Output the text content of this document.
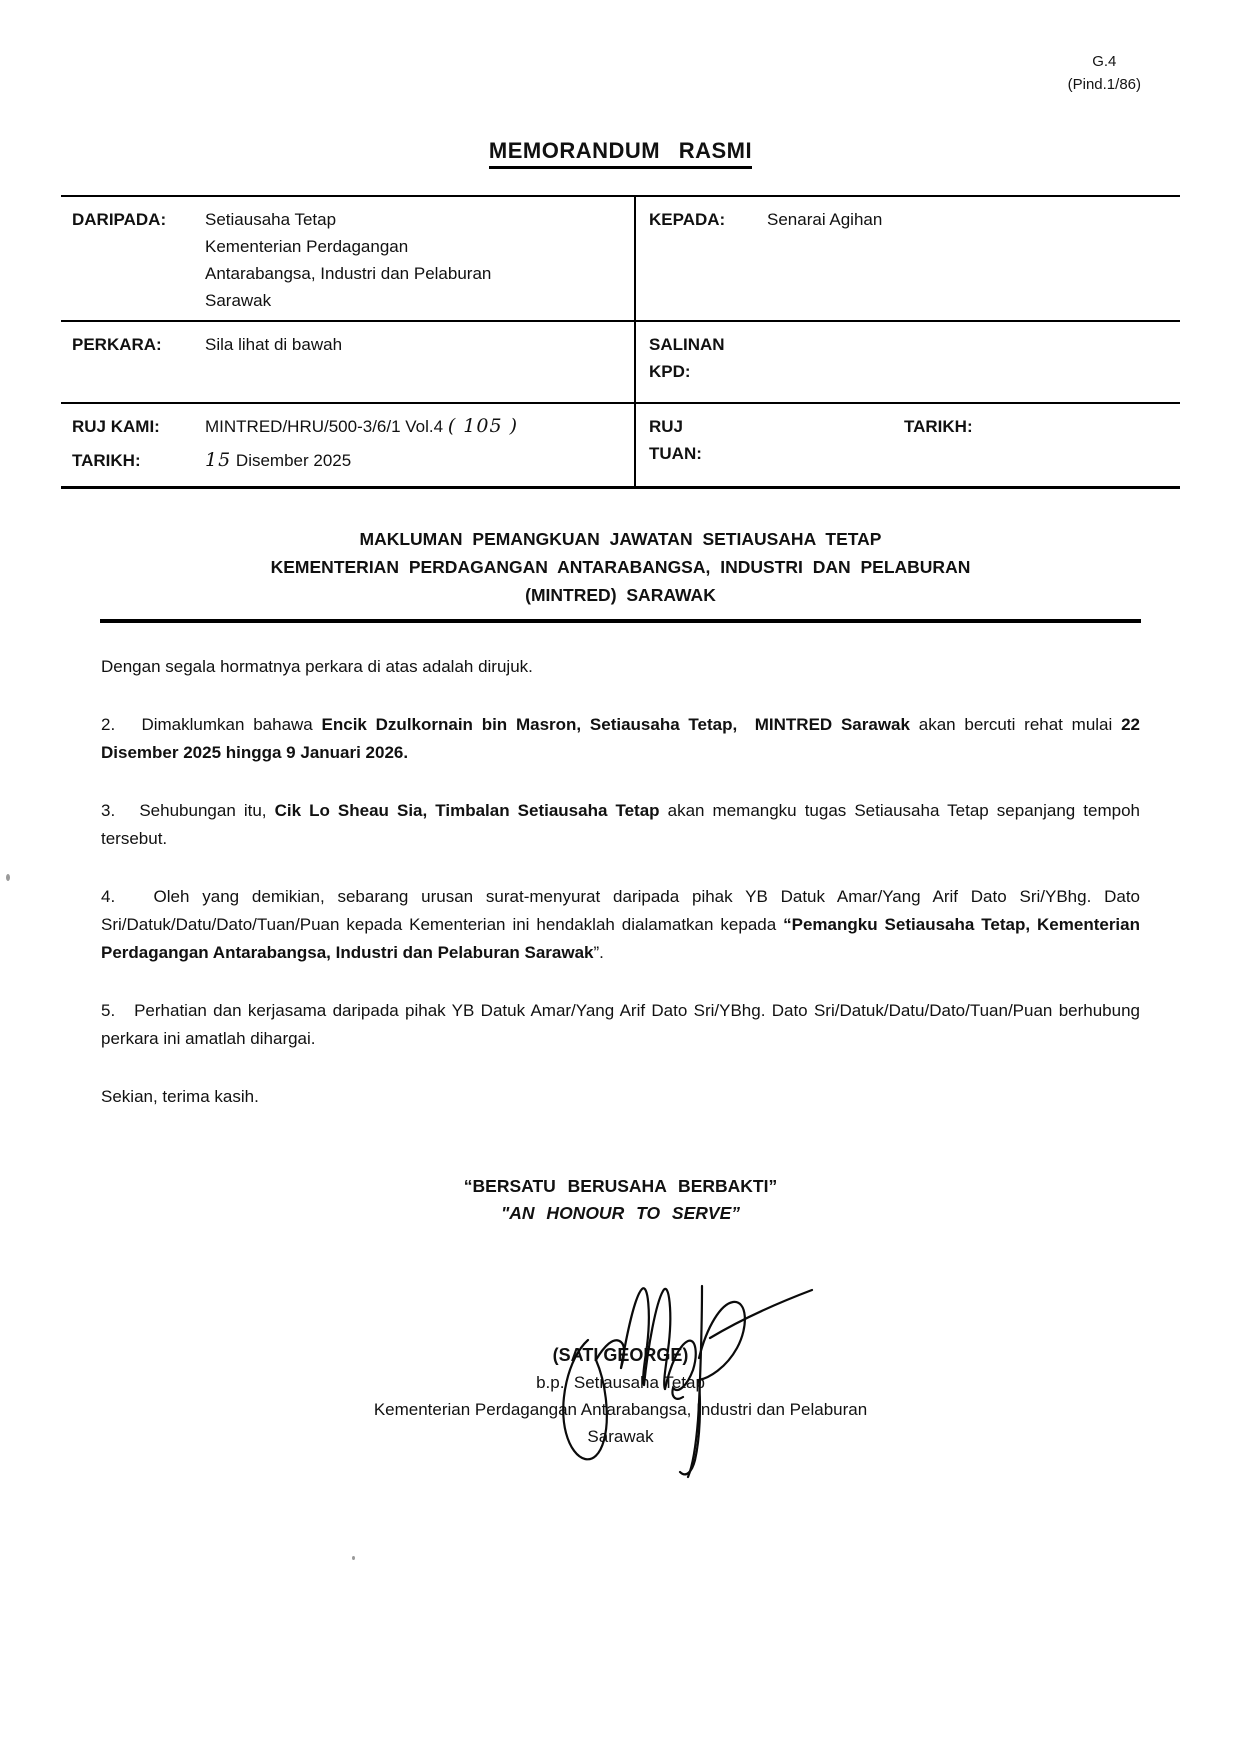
G.4
(Pind.1/86)
MEMORANDUM RASMI
DARIPADA:	Setiausaha Tetap
Kementerian Perdagangan
Antarabangsa, Industri dan Pelaburan
Sarawak
KEPADA:	Senarai Agihan
PERKARA:	Sila lihat di bawah	SALINAN
KPD:
RUJ KAMI:	MINTRED/HRU/500-3/6/1 Vol.4 ( 105 )
TARIKH:	15 Disember 2025
RUJ
TUAN:
TARIKH:
MAKLUMAN PEMANGKUAN JAWATAN SETIAUSAHA TETAP
KEMENTERIAN PERDAGANGAN ANTARABANGSA, INDUSTRI DAN PELABURAN
(MINTRED) SARAWAK

Dengan segala hormatnya perkara di atas adalah dirujuk.

2.   Dimaklumkan bahawa Encik Dzulkornain bin Masron, Setiausaha Tetap,  MINTRED Sarawak akan bercuti rehat mulai 22 Disember 2025 hingga 9 Januari 2026.

3.   Sehubungan itu, Cik Lo Sheau Sia, Timbalan Setiausaha Tetap akan memangku tugas Setiausaha Tetap sepanjang tempoh tersebut.

4.   Oleh yang demikian, sebarang urusan surat-menyurat daripada pihak YB Datuk Amar/Yang Arif Dato Sri/YBhg. Dato Sri/Datuk/Datu/Dato/Tuan/Puan kepada Kementerian ini hendaklah dialamatkan kepada “Pemangku Setiausaha Tetap, Kementerian Perdagangan Antarabangsa, Industri dan Pelaburan Sarawak”.

5.   Perhatian dan kerjasama daripada pihak YB Datuk Amar/Yang Arif Dato Sri/YBhg. Dato Sri/Datuk/Datu/Dato/Tuan/Puan berhubung perkara ini amatlah dihargai.

Sekian, terima kasih.

“BERSATU BERUSAHA BERBAKTI”
"AN HONOUR TO SERVE”
(SATI GEORGE)
b.p.  Setiausaha Tetap
Kementerian Perdagangan Antarabangsa, Industri dan Pelaburan
Sarawak
